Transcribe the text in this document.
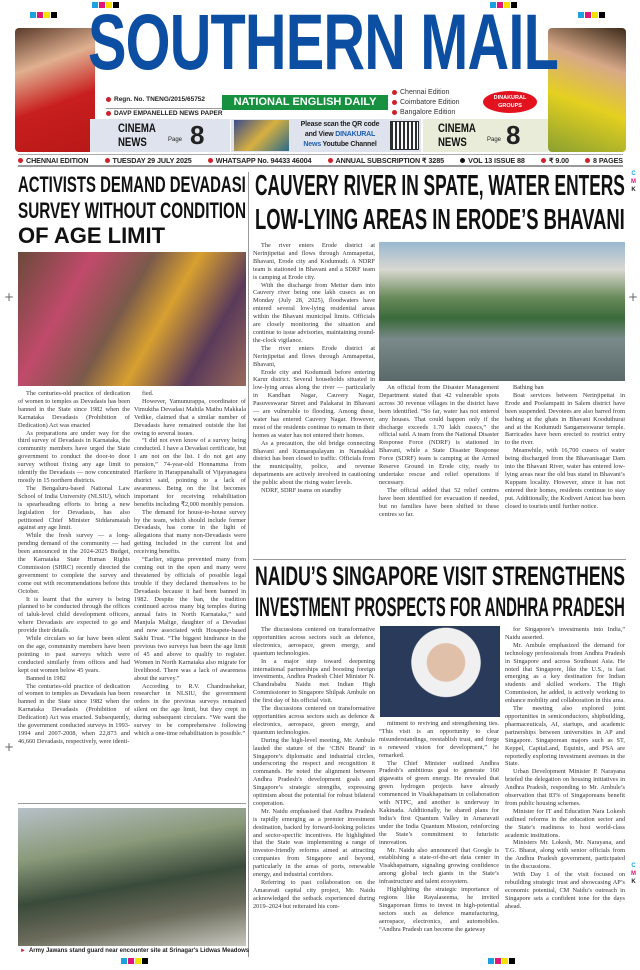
+
+
+
SOUTHERN MAIL
Regn. No. TNENG/2015/65752
DAVP EMPANELLED NEWS PAPER
NATIONAL ENGLISH DAILY
Chennai Edition
Coimbatore Edition
Bangalore Edition
DINAKURAL GROUPS
CINEMA
NEWS	Page 8	Please scan the QR code
and View DINAKURAL
News Youtube Channel
CINEMA
NEWS	Page 8
CHENNAI EDITION	TUESDAY 29 JULY 2025	WHATSAPP No. 94433 46004	ANNUAL SUBSCRIPTION ₹ 3285	VOL 13 ISSUE 88	₹ 9.00	8 PAGES
C
M
K
C
M
K
ACTIVISTS DEMAND DEVADASI
SURVEY WITHOUT CONDITION
OF AGE LIMIT

The centuries-old practice of dedication of women to temples as Devadasis has been banned in the State since 1982 when the Karnataka Devadasis (Prohibition of Dedication) Act was enacted

As preparations are under way for the third survey of Devadasis in Karnataka, the community members have urged the State government to conduct the door-to door survey without fixing any age limit to identify the Devadasis — now concentrated mostly in 15 northern districts.

The Bengaluru-based National Law School of India University (NLSIU), which is spearheading efforts to bring a new legislation for Devadasis, has also petitioned Chief Minister Siddaramaiah against any age limit.

While the fresh survey — a long-pending demand of the community — had been announced in the 2024-2025 Budget, the Karnataka State Human Rights Commission (SHRC) recently directed the government to complete the survey and come out with recommendations before this October.

It is learnt that the survey is being planned to be conducted through the offices of taluk-level child development officers, where Devadasis are expected to go and provide their details.

While circulars so far have been silent on the age, community members have been pointing to past surveys which were conducted similarly from offices and had kept out women below 45 years.

Banned in 1982

The centuries-old practice of dedication of women to temples as Devadasis has been banned in the State since 1982 when the Karnataka Devadasis (Prohibition of Dedication) Act was enacted. Subsequently, the government conducted surveys in 1993-1994 and 2007-2008, when 22,873 and 46,660 Devadasis, respectively, were identi-

fied.

However, Yamunurappa, coordinator of Vimuktha Devadasi Mahila Mathu Makkala Vedike, claimed that a similar number of Devadasis have remained outside the list owing to several issues.

“I did not even know of a survey being conducted. I have a Devadasi certificate, but I am not on the list. I do not get any pension,” 74-year-old Honnamma from Harikere in Harappanahalli of Vijayanagara district said, pointing to a lack of awareness. Being on the list becomes important for receiving rehabilitation benefits including ₹2,000 monthly pension.

The demand for house-to-house survey by the team, which should include former Devadasis, has come in the light of allegations that many non-Devadasis were getting included in the current list and receiving benefits.

“Earlier, stigma prevented many from coming out in the open and many were threatened by officials of possible legal trouble if they declared themselves to be Devadasis because it had been banned in 1982. Despite the ban, the tradition continued across many big temples during annual fairs in North Karnataka,” said Manjula Malige, daughter of a Devadasi and now associated with Hosapete-based Sakhi Trust. “The biggest hindrance in the previous two surveys has been the age limit of 45 and above to qualify to register. Women in North Karnataka also migrate for livelihood. There was a lack of awareness about the survey.”

According to R.V. Chandrashekar, researcher in NLSIU, the government orders in the previous surveys remained silent on the age limit, but they crept in during subsequent circulars. “We want the survey to be comprehensive following which a one-time rehabilitation is possible.”

► Army Jawans stand guard near encounter site at Srinagar's Lidwas Meadows
CAUVERY RIVER IN SPATE, WATER ENTERS
LOW-LYING AREAS IN ERODE’S BHAVANI

The river enters Erode district at Nerinjipettai and flows through Ammapettai, Bhavani, Erode city and Kodumudi. A NDRF team is stationed in Bhavani and a SDRF team is camping at Erode city.

With the discharge from Mettur dam into Cauvery river being one lakh cusecs as on Monday (July 28, 2025), floodwaters have entered several low-lying residential areas within the Bhavani municipal limits. Officials are closely monitoring the situation and continue to issue advisories, maintaining round-the-clock vigilance.

The river enters Erode district at Nerinjipettai and flows through Ammapettai, Bhavani,

Erode city and Kodumudi before entering Karur district. Several households situated in low-lying areas along the river — particularly in Kandhan Nagar, Cauvery Nagar, Pasuveswarar Street and Palakarai in Bhavani — are vulnerable to flooding. Among these, water has entered Cauvery Nagar. However, most of the residents continue to remain in their homes as water has not entered their homes.

As a precaution, the old bridge connecting Bhavani and Kumarapalayam in Namakkal district has been closed to traffic. Officials from the municipality, police, and revenue departments are actively involved in cautioning the public about the rising water levels.

NDRF, SDRF teams on standby

An official from the Disaster Management Department stated that 42 vulnerable spots across 30 revenue villages in the district have been identified. “So far, water has not entered any houses. That could happen only if the discharge exceeds 1.70 lakh cusecs,” the official said. A team from the National Disaster Response Force (NDRF) is stationed in Bhavani, while a State Disaster Response Force (SDRF) team is camping at the Armed Reserve Ground in Erode city, ready to undertake rescue and relief operations if necessary.

The official added that 52 relief centres have been identified for evacuation if needed, but no families have been shifted to these centres so far.

Bathing ban

Boat services between Nerinjipettai in Erode and Poolampatti in Salem district have been suspended. Devotees are also barred from bathing at the ghats in Bhavani Kooduthurai and at the Kodumudi Sangameswarar temple. Barricades have been erected to restrict entry to the river.

Meanwhile, with 16,700 cusecs of water being discharged from the Bhavanisagar Dam into the Bhavani River, water has entered low-lying areas near the old bus stand in Bhavani’s Kuppam locality. However, since it has not entered their homes, residents continue to stay put. Additionally, the Kodiveri Anicut has been closed to tourists until further notice.

NAIDU’S SINGAPORE VISIT STRENGTHENS
INVESTMENT PROSPECTS FOR ANDHRA PRADESH

The discussions centered on transformative opportunities across sectors such as defence, electronics, aerospace, green energy, and quantum technologies.

In a major step toward deepening international partnerships and boosting foreign investments, Andhra Pradesh Chief Minister N. Chandrababu Naidu met Indian High Commissioner to Singapore Shilpak Ambule on the first day of his official visit.

The discussions centered on transformative opportunities across sectors such as defence & electronics, aerospace, green energy, and quantum technologies.

During the high-level meeting, Mr. Ambule lauded the stature of the ‘CBN Brand’ in Singapore’s diplomatic and industrial circles, underscoring the respect and recognition it commands. He noted the alignment between Andhra Pradesh’s development goals and Singapore’s strategic strengths, expressing optimism about the potential for robust bilateral cooperation.

Mr. Naidu emphasised that Andhra Pradesh is rapidly emerging as a premier investment destination, backed by forward-looking policies and sector-specific incentives. He highlighted that the State was implementing a range of investor-friendly reforms aimed at attracting companies from Singapore and beyond, particularly in the areas of ports, renewable energy, and industrial corridors.

Referring to past collaboration on the Amaravati capital city project, Mr. Naidu acknowledged the setback experienced during 2019–2024 but reiterated his com-

mitment to reviving and strengthening ties. “This visit is an opportunity to clear misunderstandings, reestablish trust, and forge a renewed vision for development,” he remarked.

The Chief Minister outlined Andhra Pradesh’s ambitious goal to generate 160 gigawatts of green energy. He revealed that green hydrogen projects have already commenced in Visakhapatnam in collaboration with NTPC, and another is underway in Kakinada. Additionally, he shared plans for India’s first Quantum Valley in Amaravati under the India Quantum Mission, reinforcing the State’s commitment to futuristic innovation.

Mr. Naidu also announced that Google is establishing a state-of-the-art data center in Visakhapatnam, signaling growing confidence among global tech giants in the State’s infrastructure and talent ecosystem.

Highlighting the strategic importance of regions like Rayalaseema, he invited Singaporean firms to invest in high-potential sectors such as defence manufacturing, aerospace, electronics, and automobiles. “Andhra Pradesh can become the gateway

for Singapore’s investments into India,” Naidu asserted.

Mr. Ambule emphasized the demand for technology professionals from Andhra Pradesh in Singapore and across Southeast Asia. He noted that Singapore, like the U.S., is fast emerging as a key destination for Indian students and skilled workers. The High Commission, he added, is actively working to enhance mobility and collaboration in this area.

The meeting also explored joint opportunities in semiconductors, shipbuilding, pharmaceuticals, AI, startups, and academic partnerships between universities in AP and Singapore. Singaporean majors such as ST, Keppel, CapitaLand, Equinix, and PSA are reportedly exploring investment avenues in the State.

Urban Development Minister P. Narayana briefed the delegation on housing initiatives in Andhra Pradesh, responding to Mr. Ambule’s observation that 83% of Singaporeans benefit from public housing schemes.

Minister for IT and Education Nara Lokesh outlined reforms in the education sector and the State’s readiness to host world-class academic institutions.

Ministers Mr. Lokesh, Mr. Narayana, and T.G. Bharat, along with senior officials from the Andhra Pradesh government, participated in the discussions.

With Day 1 of the visit focused on rebuilding strategic trust and showcasing AP’s economic potential, CM Naidu’s outreach in Singapore sets a confident tone for the days ahead.
